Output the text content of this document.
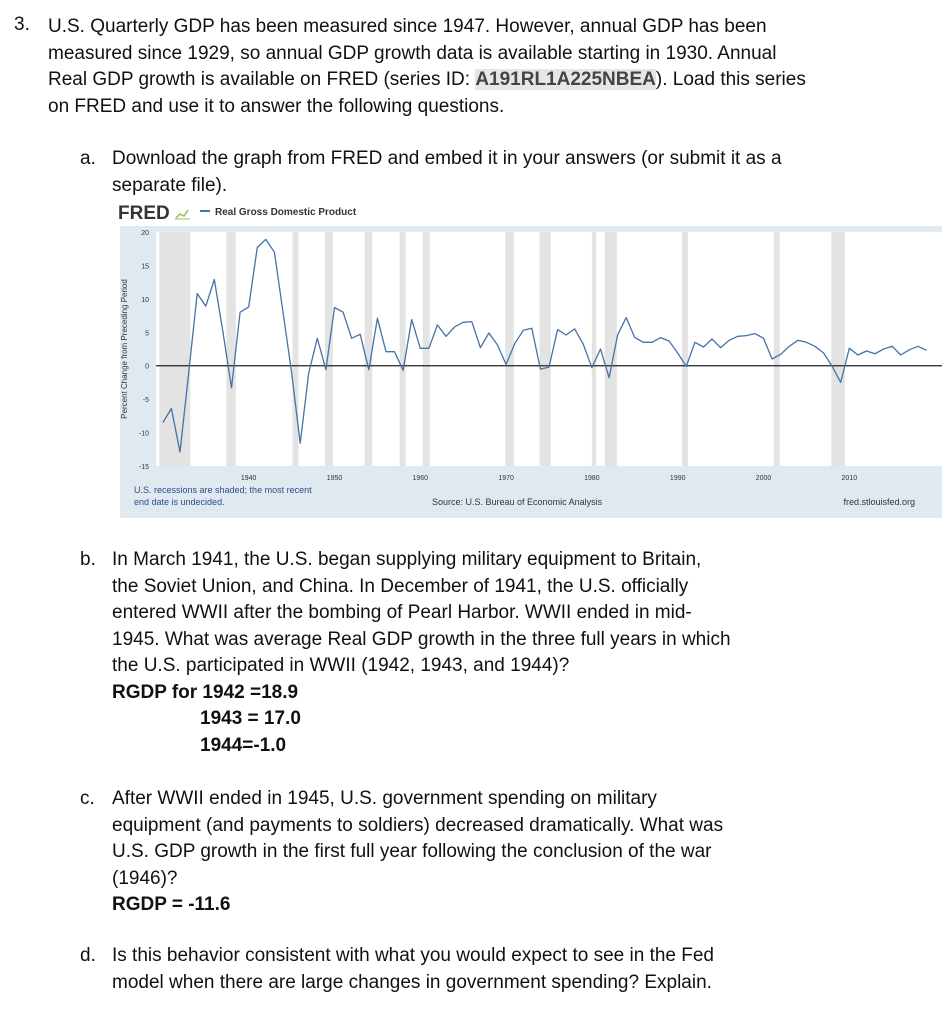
3. U.S. Quarterly GDP has been measured since 1947. However, annual GDP has been
measured since 1929, so annual GDP growth data is available starting in 1930. Annual
Real GDP growth is available on FRED (series ID: A191RL1A225NBEA). Load this series
on FRED and use it to answer the following questions.
a. Download the graph from FRED and embed it in your answers (or submit it as a
separate file).
FRED	Real Gross Domestic Product
20
15
10
5
0
-5
-10
-15
1940	1950	1960	1970	1980	1990	2000	2010
Percent Change from Preceding Period
U.S. recessions are shaded; the most recent
end date is undecided.	Source: U.S. Bureau of Economic Analysis	fred.stlouisfed.org
b. In March 1941, the U.S. began supplying military equipment to Britain,
the Soviet Union, and China. In December of 1941, the U.S. officially
entered WWII after the bombing of Pearl Harbor. WWII ended in mid-
1945. What was average Real GDP growth in the three full years in which
the U.S. participated in WWII (1942, 1943, and 1944)?
RGDP for 1942 =18.9
1943 = 17.0
1944=-1.0
c. After WWII ended in 1945, U.S. government spending on military
equipment (and payments to soldiers) decreased dramatically. What was
U.S. GDP growth in the first full year following the conclusion of the war
(1946)?
RGDP = -11.6
d. Is this behavior consistent with what you would expect to see in the Fed
model when there are large changes in government spending? Explain.
